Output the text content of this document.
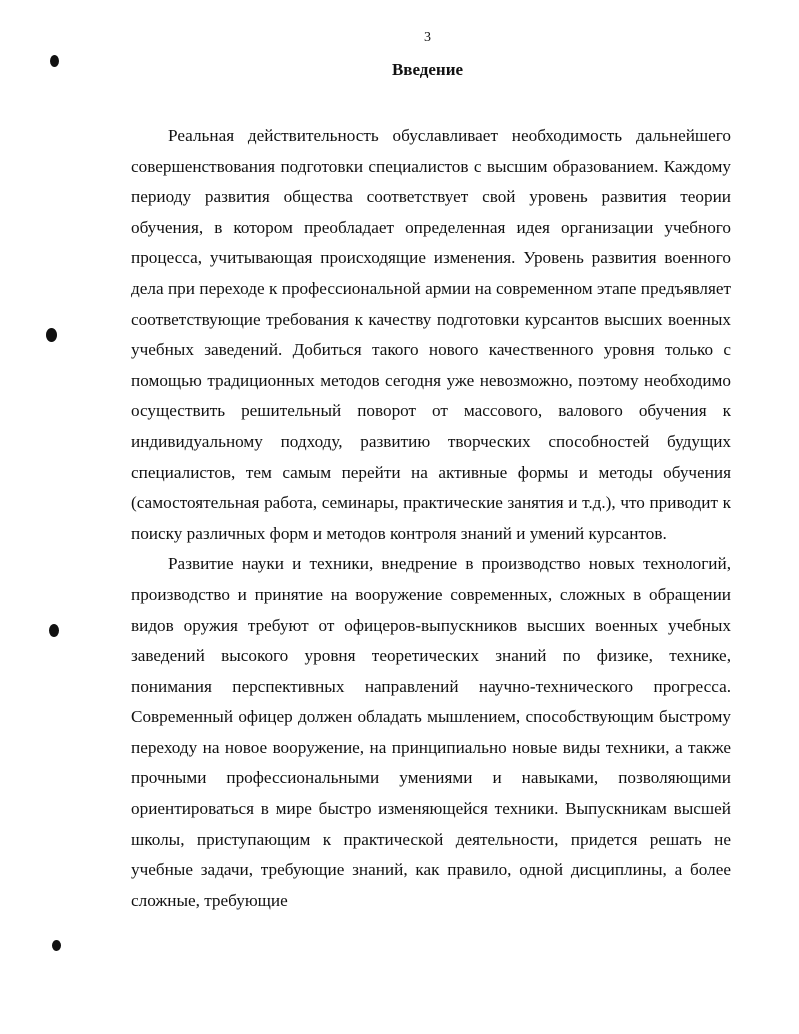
3
Введение

Реальная действительность обуславливает необходимость дальнейшего совершенствования подготовки специалистов с высшим образованием. Каждому периоду развития общества соответствует свой уровень развития теории обучения, в котором преобладает определенная идея организации учебного процесса, учитывающая происходящие изменения. Уровень развития военного дела при переходе к профессиональной армии на современном этапе предъявляет соответствующие требования к качеству подготовки курсантов высших военных учебных заведений. Добиться такого нового качественного уровня только с помощью традиционных методов сегодня уже невозможно, поэтому необходимо осуществить решительный поворот от массового, валового обучения к индивидуальному подходу, развитию творческих способностей будущих специалистов, тем самым перейти на активные формы и методы обучения (самостоятельная работа, семинары, практические занятия и т.д.), что приводит к поиску различных форм и методов контроля знаний и умений курсантов.

Развитие науки и техники, внедрение в производство новых технологий, производство и принятие на вооружение современных, сложных в обращении видов оружия требуют от офицеров-выпускников высших военных учебных заведений высокого уровня теоретических знаний по физике, технике, понимания перспективных направлений научно-технического прогресса. Современный офицер должен обладать мышлением, способствующим быстрому переходу на новое вооружение, на принципиально новые виды техники, а также прочными профессиональными умениями и навыками, позволяющими ориентироваться в мире быстро изменяющейся техники. Выпускникам высшей школы, приступающим к практической деятельности, придется решать не учебные задачи, требующие знаний, как правило, одной дисциплины, а более сложные, требующие
